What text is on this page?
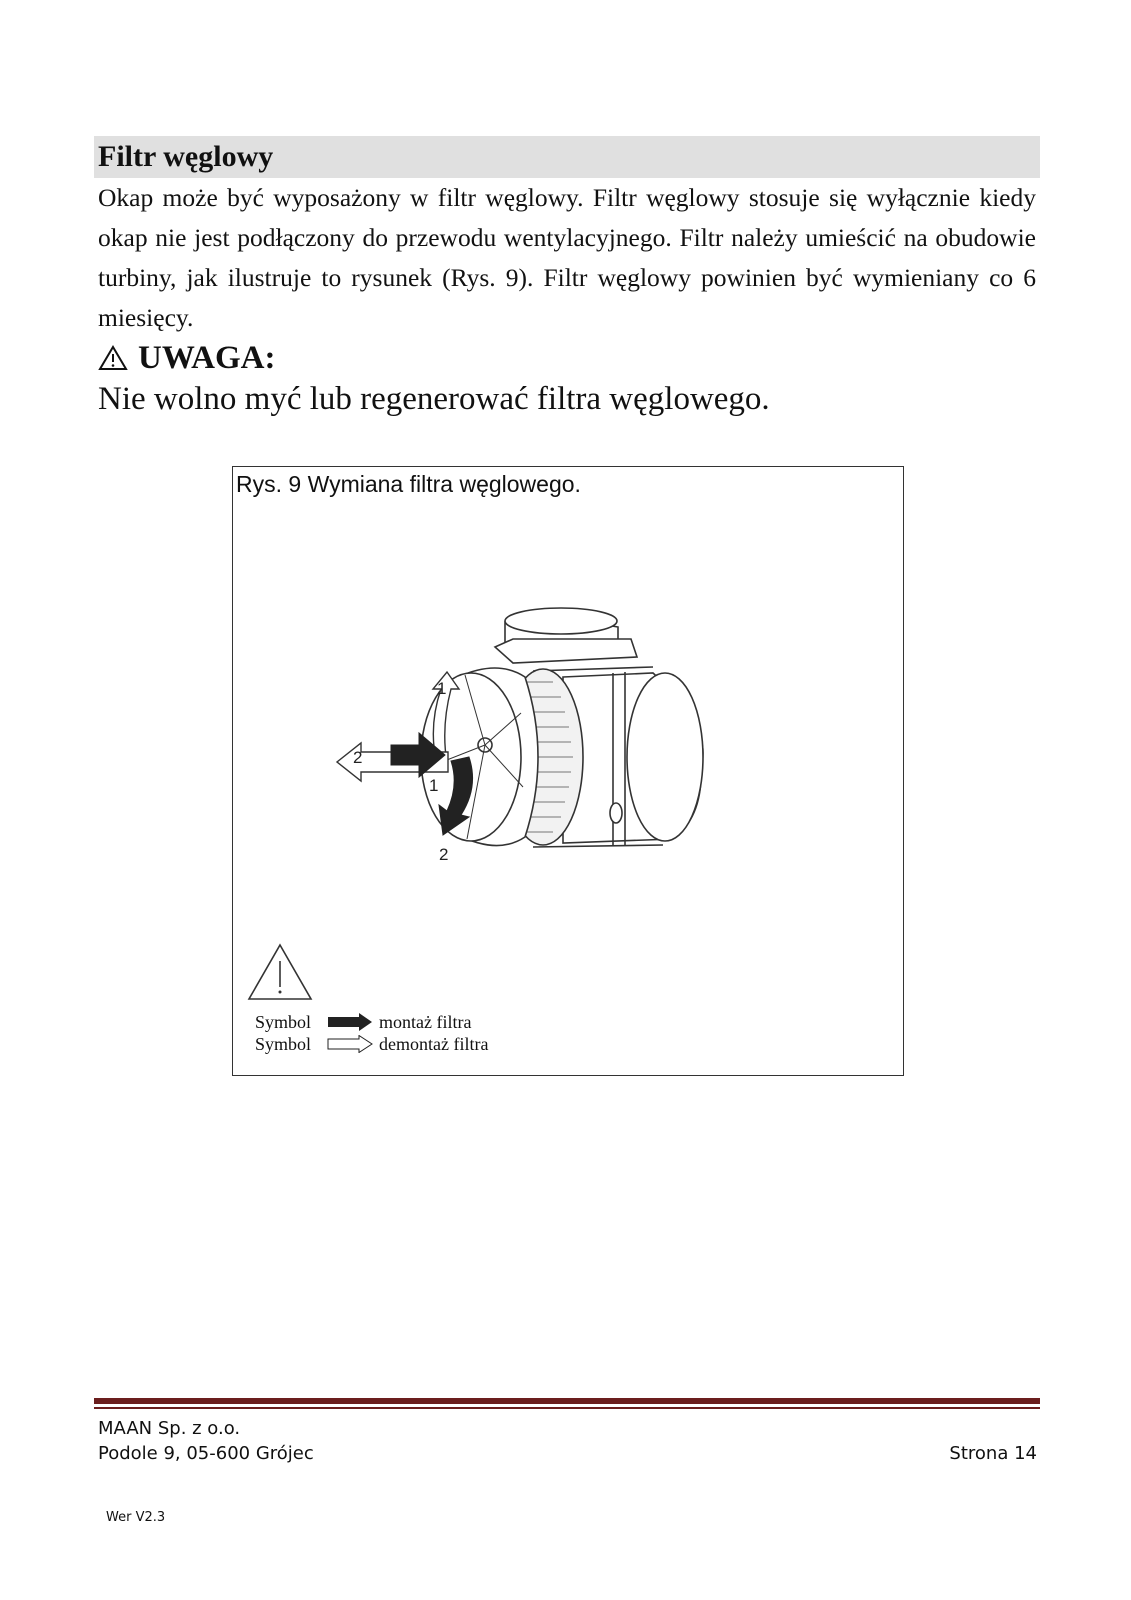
Filtr węglowy

Okap może być wyposażony w filtr węglowy. Filtr węglowy stosuje się wyłącznie kiedy okap nie jest podłączony do przewodu wentylacyjnego. Filtr należy umieścić na obudowie turbiny, jak ilustruje to rysunek (Rys. 9). Filtr węglowy powinien być wymieniany co 6 miesięcy.

UWAGA:
Nie wolno myć lub regenerować filtra węglowego.
Rys. 9 Wymiana filtra węglowego.
1
2
1
2
Symbol	montaż filtra
Symbol	demontaż filtra
MAAN Sp. z o.o.
Podole 9, 05-600 Grójec	Strona 14
Wer V2.3
